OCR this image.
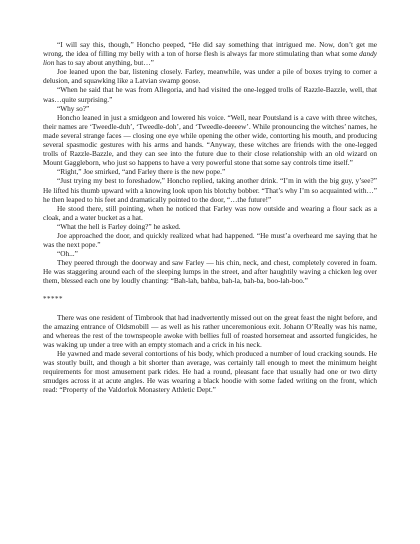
“I will say this, though,” Honcho peeped, “He did say something that intrigued me. Now, don’t get me wrong, the idea of filling my belly with a ton of horse flesh is always far more stimulating than what some dandy lion has to say about anything, but…”

Joe leaned upon the bar, listening closely. Farley, meanwhile, was under a pile of boxes trying to corner a delusion, and squawking like a Latvian swamp goose.

“When he said that he was from Allegoria, and had visited the one-legged trolls of Razzle-Bazzle, well, that was…quite surprising.”

“Why so?”

Honcho leaned in just a smidgeon and lowered his voice. “Well, near Poutsland is a cave with three witches, their names are ‘Tweedle-duh’, ‘Tweedle-doh’, and ‘Tweedle-deeeew’. While pronouncing the witches’ names, he made several strange faces — closing one eye while opening the other wide, contorting his mouth, and producing several spasmodic gestures with his arms and hands. “Anyway, these witches are friends with the one-legged trolls of Razzle-Bazzle, and they can see into the future due to their close relationship with an old wizard on Mount Gaggleborn, who just so happens to have a very powerful stone that some say controls time itself.”

“Right,” Joe smirked, “and Farley there is the new pope.”

“Just trying my best to foreshadow,” Honcho replied, taking another drink. “I’m in with the big guy, y’see?” He lifted his thumb upward with a knowing look upon his blotchy bobber. “That’s why I’m so acquainted with…” he then leaped to his feet and dramatically pointed to the door, “…the future!”

He stood there, still pointing, when he noticed that Farley was now outside and wearing a flour sack as a cloak, and a water bucket as a hat.

“What the hell is Farley doing?” he asked.

Joe approached the door, and quickly realized what had happened. “He must’a overheard me saying that he was the next pope.”

“Oh...”

They peered through the doorway and saw Farley — his chin, neck, and chest, completely covered in foam. He was staggering around each of the sleeping lumps in the street, and after haughtily waving a chicken leg over them, blessed each one by loudly chanting: “Bah-lah, bahba, bah-la, bah-ba, boo-lah-boo.”

*****

There was one resident of Timbrook that had inadvertently missed out on the great feast the night before, and the amazing entrance of Oldsmobill — as well as his rather unceremonious exit. Johann O’Really was his name, and whereas the rest of the townspeople awoke with bellies full of roasted horsemeat and assorted fungicides, he was waking up under a tree with an empty stomach and a crick in his neck.

He yawned and made several contortions of his body, which produced a number of loud cracking sounds. He was stoutly built, and though a bit shorter than average, was certainly tall enough to meet the minimum height requirements for most amusement park rides. He had a round, pleasant face that usually had one or two dirty smudges across it at acute angles. He was wearing a black hoodie with some faded writing on the front, which read: “Property of the Valdorlok Monastery Athletic Dept.”
